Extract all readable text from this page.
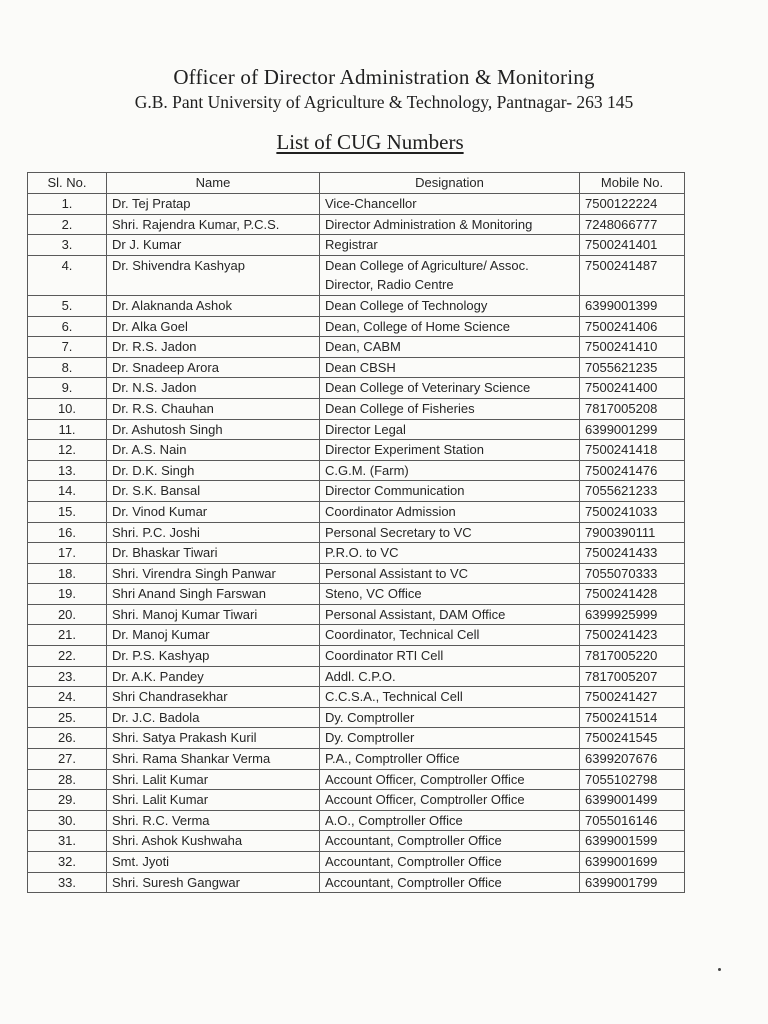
Officer of Director Administration & Monitoring
G.B. Pant University of Agriculture & Technology, Pantnagar- 263 145
List of CUG Numbers
Sl. No.	Name	Designation	Mobile No.
1.	Dr. Tej Pratap	Vice-Chancellor	7500122224
2.	Shri. Rajendra Kumar, P.C.S.	Director Administration & Monitoring	7248066777
3.	Dr J. Kumar	Registrar	7500241401
4.	Dr. Shivendra Kashyap	Dean College of Agriculture/ Assoc. Director, Radio Centre	7500241487
5.	Dr. Alaknanda Ashok	Dean College of Technology	6399001399
6.	Dr. Alka Goel	Dean, College of Home Science	7500241406
7.	Dr. R.S. Jadon	Dean, CABM	7500241410
8.	Dr. Snadeep Arora	Dean CBSH	7055621235
9.	Dr. N.S. Jadon	Dean College of Veterinary Science	7500241400
10.	Dr. R.S. Chauhan	Dean College of Fisheries	7817005208
11.	Dr. Ashutosh Singh	Director Legal	6399001299
12.	Dr. A.S. Nain	Director Experiment Station	7500241418
13.	Dr. D.K. Singh	C.G.M. (Farm)	7500241476
14.	Dr. S.K. Bansal	Director Communication	7055621233
15.	Dr. Vinod Kumar	Coordinator Admission	7500241033
16.	Shri. P.C. Joshi	Personal Secretary to VC	7900390111
17.	Dr. Bhaskar Tiwari	P.R.O. to VC	7500241433
18.	Shri. Virendra Singh Panwar	Personal Assistant to VC	7055070333
19.	Shri Anand Singh Farswan	Steno, VC Office	7500241428
20.	Shri. Manoj Kumar Tiwari	Personal Assistant, DAM Office	6399925999
21.	Dr. Manoj Kumar	Coordinator, Technical Cell	7500241423
22.	Dr. P.S. Kashyap	Coordinator RTI Cell	7817005220
23.	Dr. A.K. Pandey	Addl. C.P.O.	7817005207
24.	Shri Chandrasekhar	C.C.S.A., Technical Cell	7500241427
25.	Dr. J.C. Badola	Dy. Comptroller	7500241514
26.	Shri. Satya Prakash Kuril	Dy. Comptroller	7500241545
27.	Shri. Rama Shankar Verma	P.A., Comptroller Office	6399207676
28.	Shri. Lalit Kumar	Account Officer, Comptroller Office	7055102798
29.	Shri. Lalit Kumar	Account Officer, Comptroller Office	6399001499
30.	Shri. R.C. Verma	A.O., Comptroller Office	7055016146
31.	Shri. Ashok Kushwaha	Accountant, Comptroller Office	6399001599
32.	Smt. Jyoti	Accountant, Comptroller Office	6399001699
33.	Shri. Suresh Gangwar	Accountant, Comptroller Office	6399001799
